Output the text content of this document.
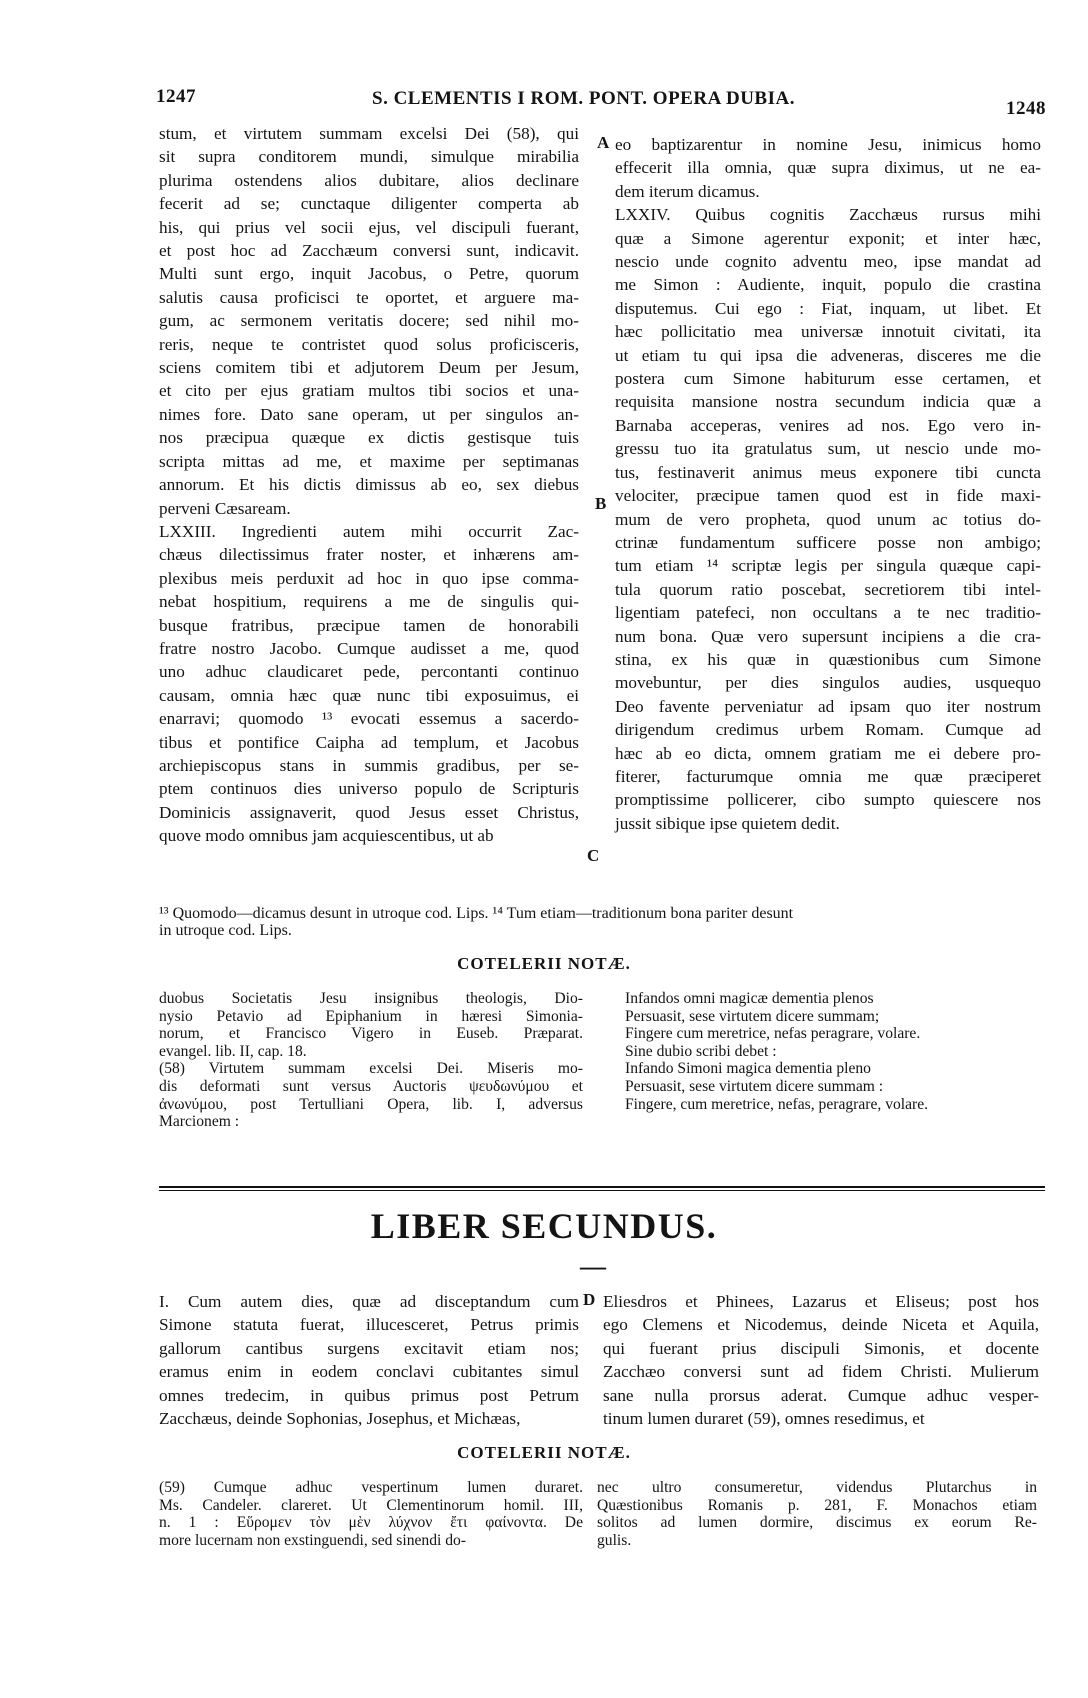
1247	S. CLEMENTIS I ROM. PONT. OPERA DUBIA.	1248
stum, et virtutem summam excelsi Dei (58), qui
sit supra conditorem mundi, simulque mirabilia
plurima ostendens alios dubitare, alios declinare
fecerit ad se; cunctaque diligenter comperta ab
his, qui prius vel socii ejus, vel discipuli fuerant,
et post hoc ad Zacchæum conversi sunt, indicavit.
Multi sunt ergo, inquit Jacobus, o Petre, quorum
salutis causa proficisci te oportet, et arguere ma-
gum, ac sermonem veritatis docere; sed nihil mo-
reris, neque te contristet quod solus proficisceris,
sciens comitem tibi et adjutorem Deum per Jesum,
et cito per ejus gratiam multos tibi socios et una-
nimes fore. Dato sane operam, ut per singulos an-
nos præcipua quæque ex dictis gestisque tuis
scripta mittas ad me, et maxime per septimanas
annorum. Et his dictis dimissus ab eo, sex diebus
perveni Cæsaream.
LXXIII. Ingredienti autem mihi occurrit Zac-
chæus dilectissimus frater noster, et inhærens am-
plexibus meis perduxit ad hoc in quo ipse comma-
nebat hospitium, requirens a me de singulis qui-
busque fratribus, præcipue tamen de honorabili
fratre nostro Jacobo. Cumque audisset a me, quod
uno adhuc claudicaret pede, percontanti continuo
causam, omnia hæc quæ nunc tibi exposuimus, ei
enarravi; quomodo ¹³ evocati essemus a sacerdo-
tibus et pontifice Caipha ad templum, et Jacobus
archiepiscopus stans in summis gradibus, per se-
ptem continuos dies universo populo de Scripturis
Dominicis assignaverit, quod Jesus esset Christus,
quove modo omnibus jam acquiescentibus, ut ab
eo baptizarentur in nomine Jesu, inimicus homo
effecerit illa omnia, quæ supra diximus, ut ne ea-
dem iterum dicamus.
LXXIV. Quibus cognitis Zacchæus rursus mihi
quæ a Simone agerentur exponit; et inter hæc,
nescio unde cognito adventu meo, ipse mandat ad
me Simon : Audiente, inquit, populo die crastina
disputemus. Cui ego : Fiat, inquam, ut libet. Et
hæc pollicitatio mea universæ innotuit civitati, ita
ut etiam tu qui ipsa die adveneras, disceres me die
postera cum Simone habiturum esse certamen, et
requisita mansione nostra secundum indicia quæ a
Barnaba acceperas, venires ad nos. Ego vero in-
gressu tuo ita gratulatus sum, ut nescio unde mo-
tus, festinaverit animus meus exponere tibi cuncta
velociter, præcipue tamen quod est in fide maxi-
mum de vero propheta, quod unum ac totius do-
ctrinæ fundamentum sufficere posse non ambigo;
tum etiam ¹⁴ scriptæ legis per singula quæque capi-
tula quorum ratio poscebat, secretiorem tibi intel-
ligentiam patefeci, non occultans a te nec traditio-
num bona. Quæ vero supersunt incipiens a die cra-
stina, ex his quæ in quæstionibus cum Simone
movebuntur, per dies singulos audies, usquequo
Deo favente perveniatur ad ipsam quo iter nostrum
dirigendum credimus urbem Romam. Cumque ad
hæc ab eo dicta, omnem gratiam me ei debere pro-
fiterer, facturumque omnia me quæ præciperet
promptissime pollicerer, cibo sumpto quiescere nos
jussit sibique ipse quietem dedit.
A
B
C
¹³ Quomodo—dicamus desunt in utroque cod. Lips. ¹⁴ Tum etiam—traditionum bona pariter desunt
in utroque cod. Lips.
COTELERII NOTÆ.
duobus Societatis Jesu insignibus theologis, Dio-
nysio Petavio ad Epiphanium in hæresi Simonia-
norum, et Francisco Vigero in Euseb. Præparat.
evangel. lib. II, cap. 18.
(58) Virtutem summam excelsi Dei. Miseris mo-
dis deformati sunt versus Auctoris ψευδωνύμου et
ἀνωνύμου, post Tertulliani Opera, lib. I, adversus
Marcionem :
Infandos omni magicæ dementia plenos
Persuasit, sese virtutem dicere summam;
Fingere cum meretrice, nefas peragrare, volare.
Sine dubio scribi debet :
Infando Simoni magica dementia pleno
Persuasit, sese virtutem dicere summam :
Fingere, cum meretrice, nefas, peragrare, volare.
LIBER SECUNDUS.
—
I. Cum autem dies, quæ ad disceptandum cum
Simone statuta fuerat, illucesceret, Petrus primis
gallorum cantibus surgens excitavit etiam nos;
eramus enim in eodem conclavi cubitantes simul
omnes tredecim, in quibus primus post Petrum
Zacchæus, deinde Sophonias, Josephus, et Michæas,
D Eliesdros et Phinees, Lazarus et Eliseus; post hos
ego Clemens et Nicodemus, deinde Niceta et Aquila,
qui fuerant prius discipuli Simonis, et docente
Zacchæo conversi sunt ad fidem Christi. Mulierum
sane nulla prorsus aderat. Cumque adhuc vesper-
tinum lumen duraret (59), omnes resedimus, et
COTELERII NOTÆ.
(59) Cumque adhuc vespertinum lumen duraret.
Ms. Candeler. clareret. Ut Clementinorum homil. III,
n. 1 : Εὕρομεν τὸν μὲν λύχνον ἔτι φαίνοντα. De
more lucernam non exstinguendi, sed sinendi do-
nec ultro consumeretur, videndus Plutarchus in
Quæstionibus Romanis p. 281, F. Monachos etiam
solitos ad lumen dormire, discimus ex eorum Re-
gulis.
